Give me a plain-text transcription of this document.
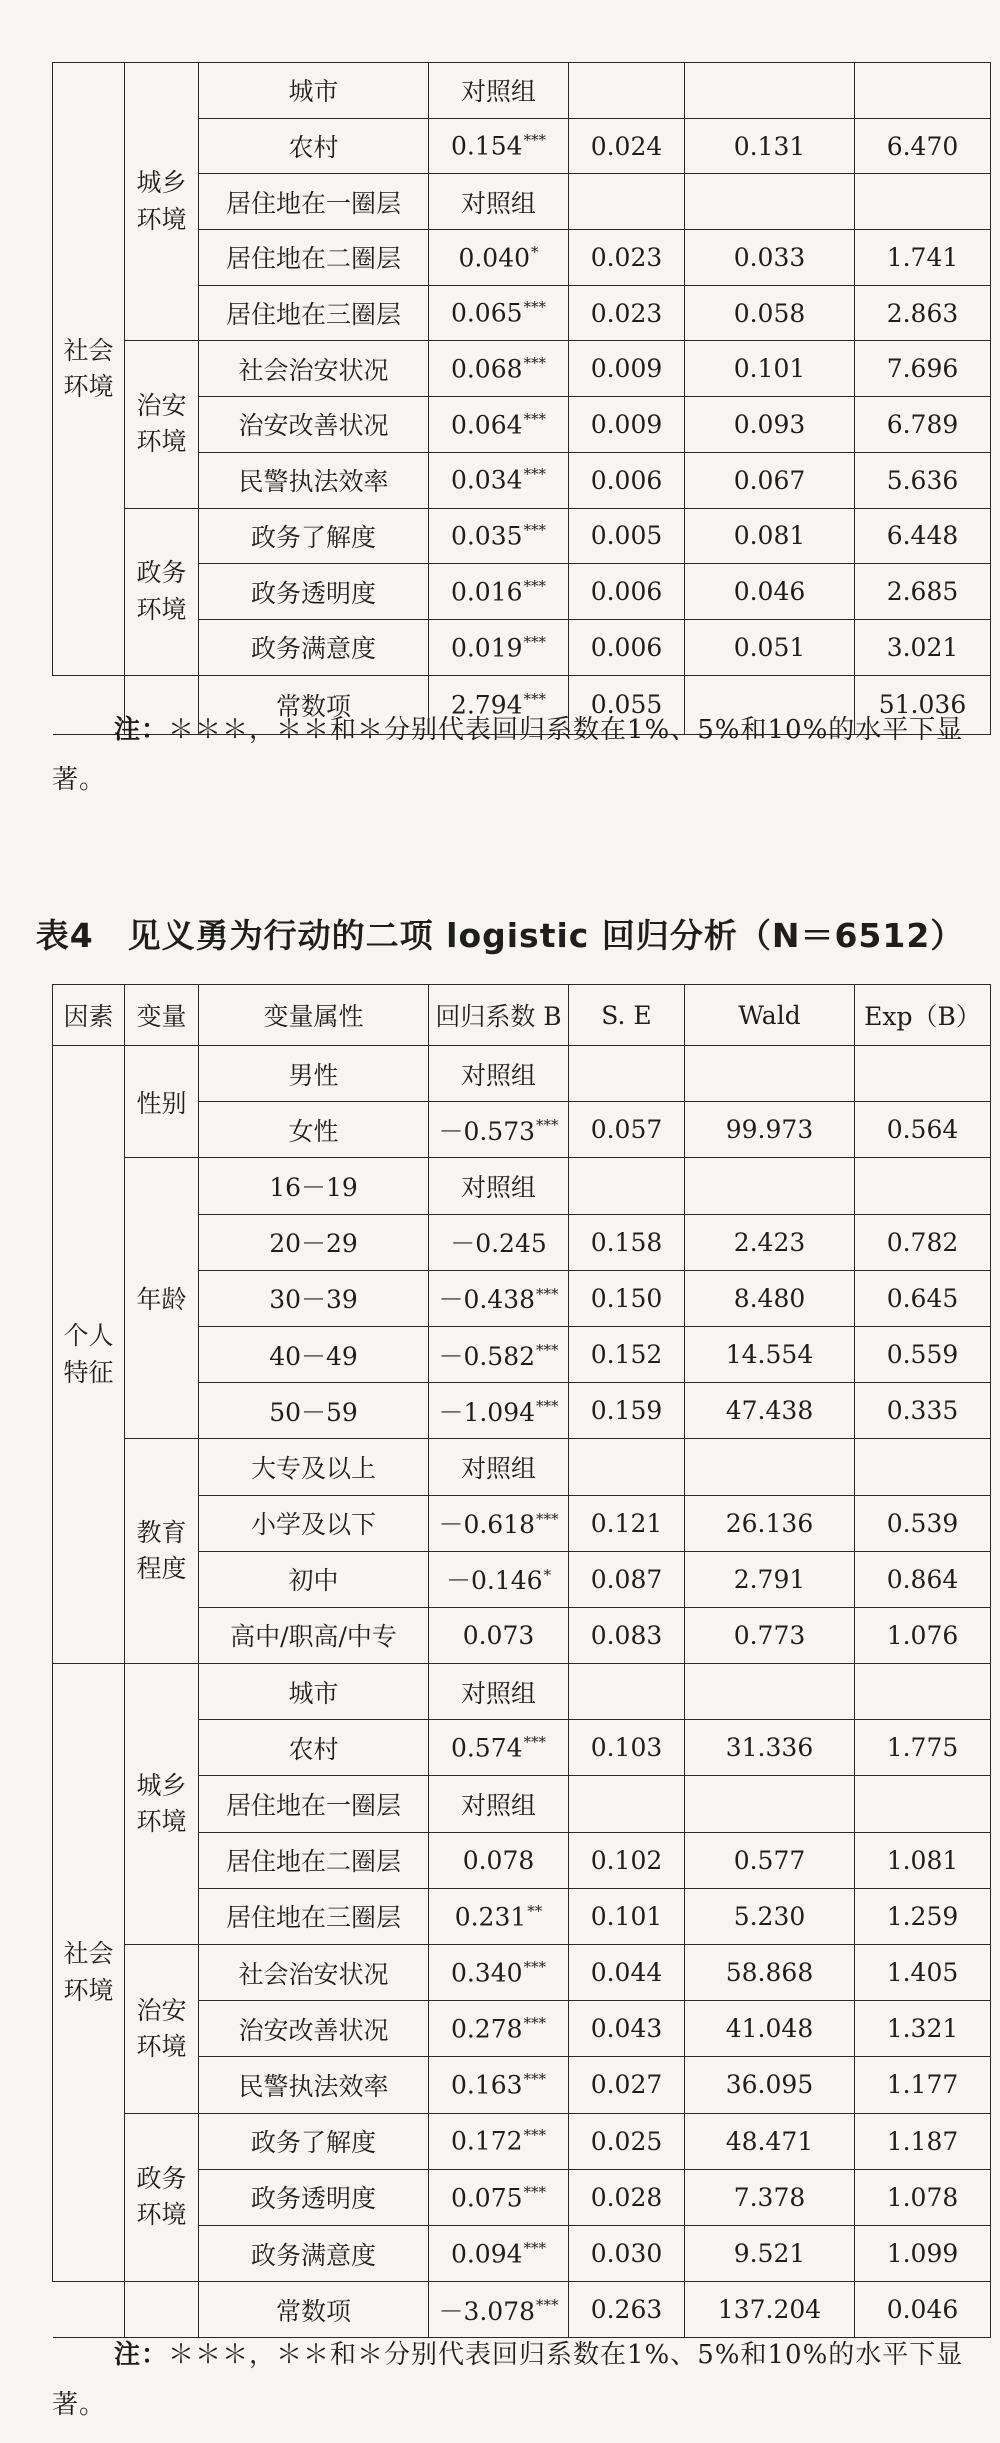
社会环境	城乡环境	城市	对照组			
		农村	0.154***	0.024	0.131	6.470
		居住地在一圈层	对照组			
		居住地在二圈层	0.040*	0.023	0.033	1.741
		居住地在三圈层	0.065***	0.023	0.058	2.863
	治安环境	社会治安状况	0.068***	0.009	0.101	7.696
		治安改善状况	0.064***	0.009	0.093	6.789
		民警执法效率	0.034***	0.006	0.067	5.636
	政务环境	政务了解度	0.035***	0.005	0.081	6.448
		政务透明度	0.016***	0.006	0.046	2.685
		政务满意度	0.019***	0.006	0.051	3.021
		常数项	2.794***	0.055		51.036
注：＊＊＊，＊＊和＊分别代表回归系数在1%、5%和10%的水平下显著。
表4　见义勇为行动的二项 logistic 回归分析（N＝6512）
因素	变量	变量属性	回归系数 B	S. E	Wald	Exp（B）
个人特征	性别	男性	对照组			
		女性	－0.573***	0.057	99.973	0.564
	年龄	16－19	对照组			
		20－29	－0.245	0.158	2.423	0.782
		30－39	－0.438***	0.150	8.480	0.645
		40－49	－0.582***	0.152	14.554	0.559
		50－59	－1.094***	0.159	47.438	0.335
	教育程度	大专及以上	对照组			
		小学及以下	－0.618***	0.121	26.136	0.539
		初中	－0.146*	0.087	2.791	0.864
		高中/职高/中专	0.073	0.083	0.773	1.076
社会环境	城乡环境	城市	对照组			
		农村	0.574***	0.103	31.336	1.775
		居住地在一圈层	对照组			
		居住地在二圈层	0.078	0.102	0.577	1.081
		居住地在三圈层	0.231**	0.101	5.230	1.259
	治安环境	社会治安状况	0.340***	0.044	58.868	1.405
		治安改善状况	0.278***	0.043	41.048	1.321
		民警执法效率	0.163***	0.027	36.095	1.177
	政务环境	政务了解度	0.172***	0.025	48.471	1.187
		政务透明度	0.075***	0.028	7.378	1.078
		政务满意度	0.094***	0.030	9.521	1.099
		常数项	－3.078***	0.263	137.204	0.046
注：＊＊＊，＊＊和＊分别代表回归系数在1%、5%和10%的水平下显著。
